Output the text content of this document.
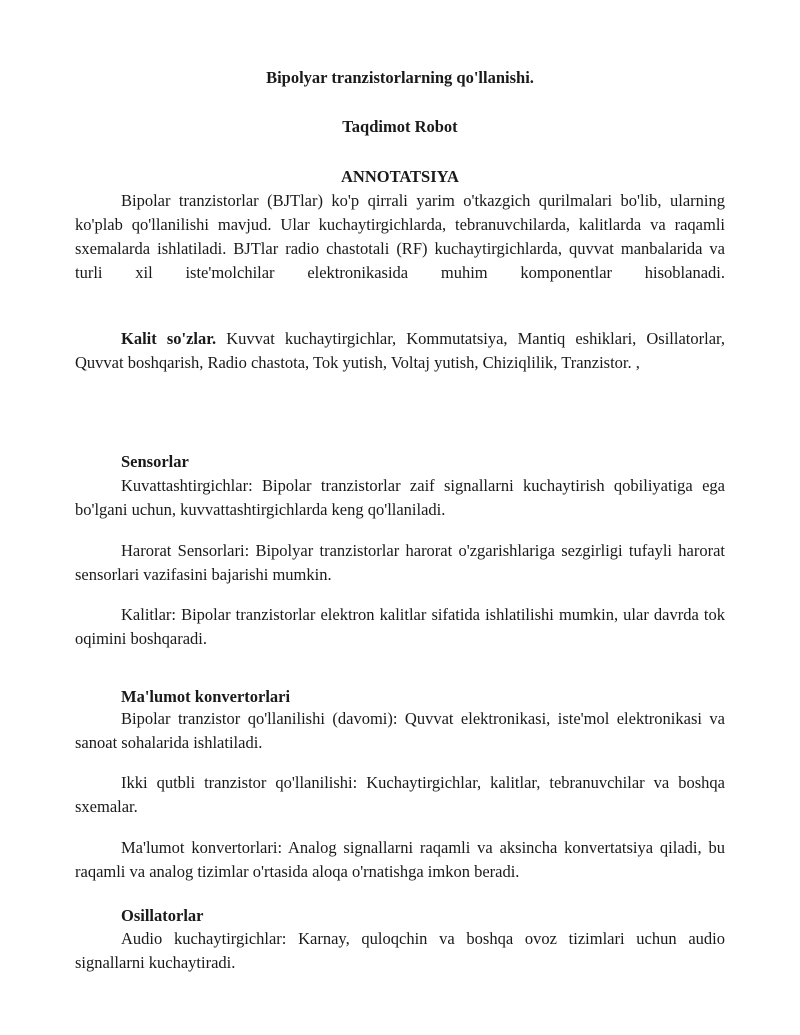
Bipolyar tranzistorlarning qo'llanishi.
Taqdimot Robot
ANNOTATSIYA
Bipolar tranzistorlar (BJTlar) ko'p qirrali yarim o'tkazgich qurilmalari bo'lib, ularning ko'plab qo'llanilishi mavjud. Ular kuchaytirgichlarda, tebranuvchilarda, kalitlarda va raqamli sxemalarda ishlatiladi. BJTlar radio chastotali (RF) kuchaytirgichlarda, quvvat manbalarida va turli xil iste'molchilar elektronikasida muhim komponentlar hisoblanadi.
Kalit so'zlar. Kuvvat kuchaytirgichlar, Kommutatsiya, Mantiq eshiklari, Osillatorlar, Quvvat boshqarish, Radio chastota, Tok yutish, Voltaj yutish, Chiziqlilik, Tranzistor. ,
Sensorlar
Kuvattashtirgichlar: Bipolar tranzistorlar zaif signallarni kuchaytirish qobiliyatiga ega bo'lgani uchun, kuvvattashtirgichlarda keng qo'llaniladi.
Harorat Sensorlari: Bipolyar tranzistorlar harorat o'zgarishlariga sezgirligi tufayli harorat sensorlari vazifasini bajarishi mumkin.
Kalitlar: Bipolar tranzistorlar elektron kalitlar sifatida ishlatilishi mumkin, ular davrda tok oqimini boshqaradi.
Ma'lumot konvertorlari
Bipolar tranzistor qo'llanilishi (davomi): Quvvat elektronikasi, iste'mol elektronikasi va sanoat sohalarida ishlatiladi.
Ikki qutbli tranzistor qo'llanilishi: Kuchaytirgichlar, kalitlar, tebranuvchilar va boshqa sxemalar.
Ma'lumot konvertorlari: Analog signallarni raqamli va aksincha konvertatsiya qiladi, bu raqamli va analog tizimlar o'rtasida aloqa o'rnatishga imkon beradi.
Osillatorlar
Audio kuchaytirgichlar: Karnay, quloqchin va boshqa ovoz tizimlari uchun audio signallarni kuchaytiradi.
